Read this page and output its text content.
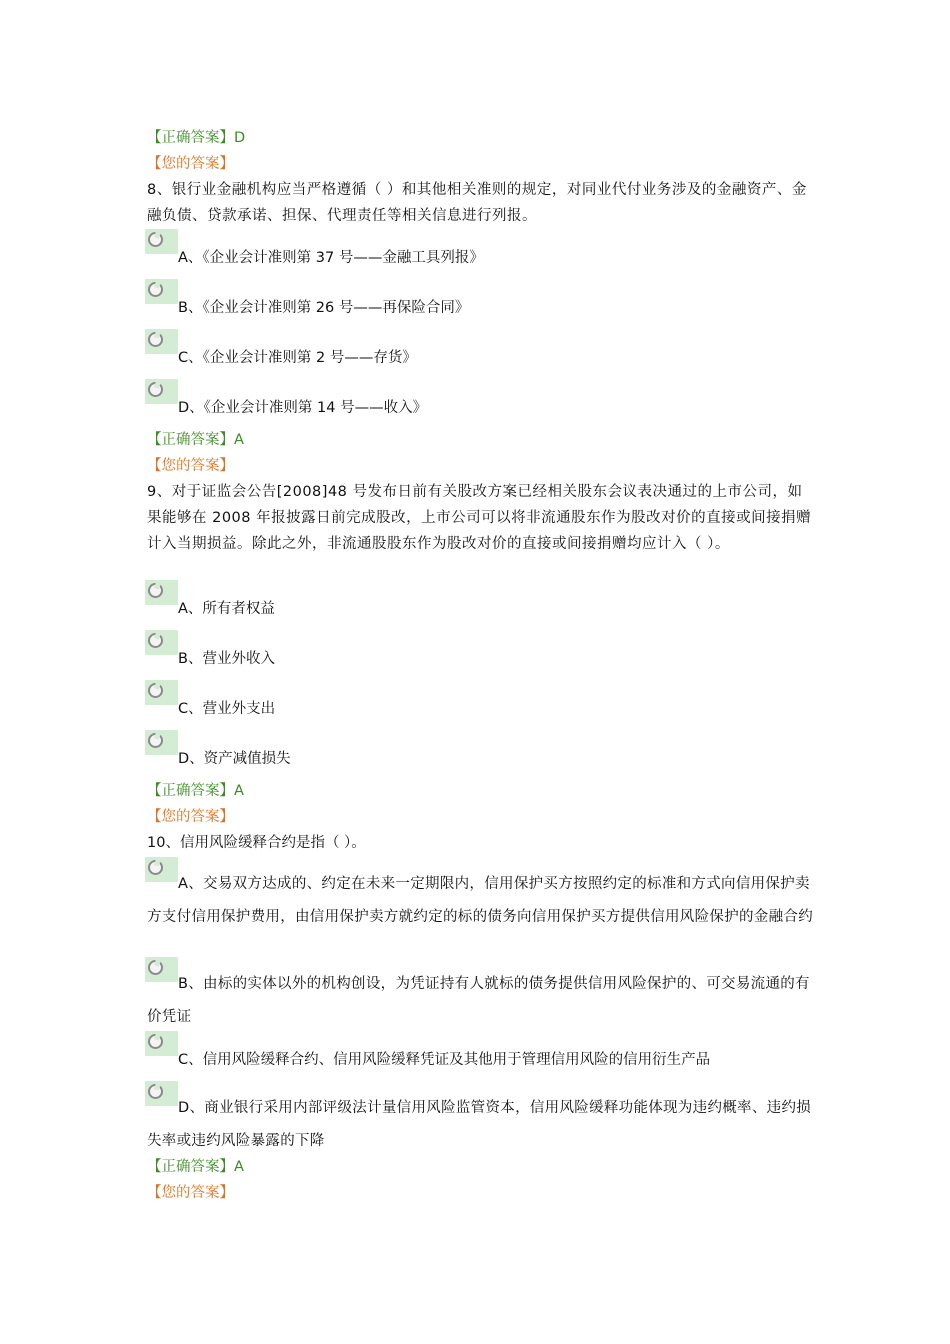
【正确答案】D
【您的答案】
8、银行业金融机构应当严格遵循（ ）和其他相关准则的规定，对同业代付业务涉及的金融资产、金融负债、贷款承诺、担保、代理责任等相关信息进行列报。
A、《企业会计准则第 37 号——金融工具列报》
B、《企业会计准则第 26 号——再保险合同》
C、《企业会计准则第 2 号——存货》
D、《企业会计准则第 14 号——收入》
【正确答案】A
【您的答案】
9、对于证监会公告[2008]48 号发布日前有关股改方案已经相关股东会议表决通过的上市公司，如果能够在 2008 年报披露日前完成股改，上市公司可以将非流通股东作为股改对价的直接或间接捐赠计入当期损益。除此之外，非流通股股东作为股改对价的直接或间接捐赠均应计入（ ）。
A、所有者权益
B、营业外收入
C、营业外支出
D、资产减值损失
【正确答案】A
【您的答案】
10、信用风险缓释合约是指（ ）。
A、交易双方达成的、约定在未来一定期限内，信用保护买方按照约定的标准和方式向信用保护卖方支付信用保护费用，由信用保护卖方就约定的标的债务向信用保护买方提供信用风险保护的金融合约
B、由标的实体以外的机构创设，为凭证持有人就标的债务提供信用风险保护的、可交易流通的有价凭证
C、信用风险缓释合约、信用风险缓释凭证及其他用于管理信用风险的信用衍生产品
D、商业银行采用内部评级法计量信用风险监管资本，信用风险缓释功能体现为违约概率、违约损失率或违约风险暴露的下降
【正确答案】A
【您的答案】
